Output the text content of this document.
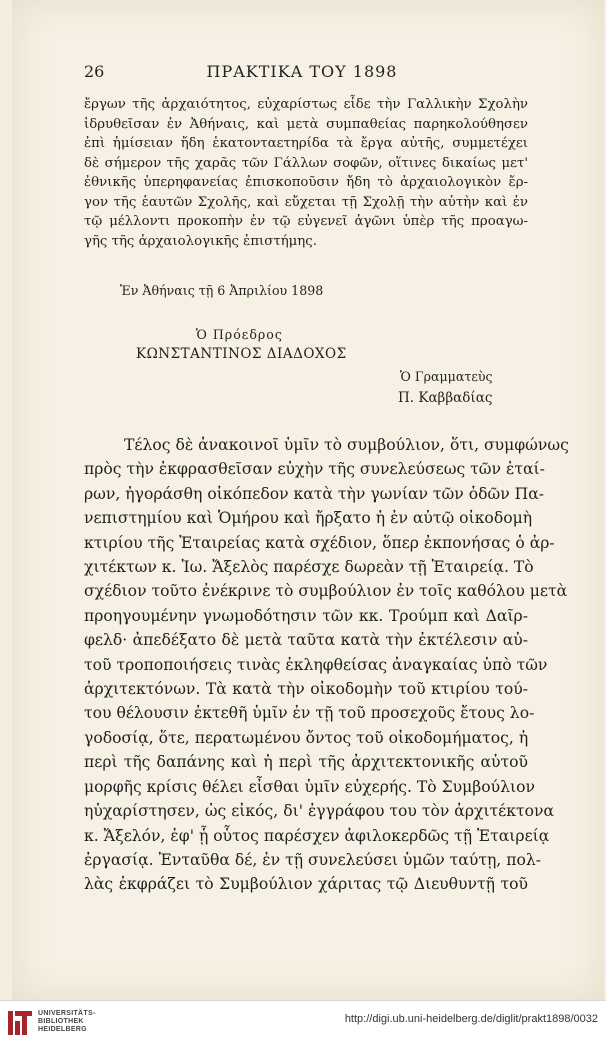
26	ΠΡΑΚΤΙΚΑ ΤΟΥ 1898
ἔργων τῆς ἀρχαιότητος, εὐχαρίστως εἶδε τὴν Γαλλικὴν Σχολὴν
ἱδρυθεῖσαν ἐν Ἀθήναις, καὶ μετὰ συμπαθείας παρηκολούθησεν
ἐπὶ ἡμίσειαν ἤδη ἑκατονταετηρίδα τὰ ἔργα αὐτῆς, συμμετέχει
δὲ σήμερον τῆς χαρᾶς τῶν Γάλλων σοφῶν, οἵτινες δικαίως μετ'
ἐθνικῆς ὑπερηφανείας ἐπισκοποῦσιν ἤδη τὸ ἀρχαιολογικὸν ἔρ-
γον τῆς ἑαυτῶν Σχολῆς, καὶ εὔχεται τῇ Σχολῇ τὴν αὐτὴν καὶ ἐν
τῷ μέλλοντι προκοπὴν ἐν τῷ εὐγενεῖ ἀγῶνι ὑπὲρ τῆς προαγω-
γῆς τῆς ἀρχαιολογικῆς ἐπιστήμης.
Ἐν Ἀθήναις τῇ 6 Ἀπριλίου 1898
Ὁ Πρόεδρος
ΚΩΝΣΤΑΝΤΙΝΟΣ ΔΙΑΔΟΧΟΣ
Ὁ Γραμματεὺς
Π. Καββαδίας
Τέλος δὲ ἀνακοινοῖ ὑμῖν τὸ συμβούλιον, ὅτι, συμφώνως
πρὸς τὴν ἐκφρασθεῖσαν εὐχὴν τῆς συνελεύσεως τῶν ἑταί-
ρων, ἠγοράσθη οἰκόπεδον κατὰ τὴν γωνίαν τῶν ὁδῶν Πα-
νεπιστημίου καὶ Ὁμήρου καὶ ἤρξατο ἡ ἐν αὐτῷ οἰκοδομὴ
κτιρίου τῆς Ἑταιρείας κατὰ σχέδιον, ὅπερ ἐκπονήσας ὁ ἀρ-
χιτέκτων κ. Ἰω. Ἄξελὸς παρέσχε δωρεὰν τῇ Ἑταιρείᾳ. Τὸ
σχέδιον τοῦτο ἐνέκρινε τὸ συμβούλιον ἐν τοῖς καθόλου μετὰ
προηγουμένην γνωμοδότησιν τῶν κκ. Τρούμπ καὶ Δαῖρ-
φελδ· ἀπεδέξατο δὲ μετὰ ταῦτα κατὰ τὴν ἐκτέλεσιν αὐ-
τοῦ τροποποιήσεις τινὰς ἐκληφθείσας ἀναγκαίας ὑπὸ τῶν
ἀρχιτεκτόνων. Τὰ κατὰ τὴν οἰκοδομὴν τοῦ κτιρίου τού-
του θέλουσιν ἐκτεθῆ ὑμῖν ἐν τῇ τοῦ προσεχοῦς ἔτους λο-
γοδοσίᾳ, ὅτε, περατωμένου ὄντος τοῦ οἰκοδομήματος, ἡ
περὶ τῆς δαπάνης καὶ ἡ περὶ τῆς ἀρχιτεκτονικῆς αὐτοῦ
μορφῆς κρίσις θέλει εἶσθαι ὑμῖν εὐχερής. Τὸ Συμβούλιον
ηὐχαρίστησεν, ὡς εἰκός, δι' ἐγγράφου του τὸν ἀρχιτέκτονα
κ. Ἄξελόν, ἐφ' ᾗ οὗτος παρέσχεν ἀφιλοκερδῶς τῇ Ἑταιρείᾳ
ἐργασίᾳ. Ἐνταῦθα δέ, ἐν τῇ συνελεύσει ὑμῶν ταύτῃ, πολ-
λὰς ἐκφράζει τὸ Συμβούλιον χάριτας τῷ Διευθυντῇ τοῦ
UNIVERSITÄTS-
BIBLIOTHEK
HEIDELBERG
http://digi.ub.uni-heidelberg.de/diglit/prakt1898/0032
